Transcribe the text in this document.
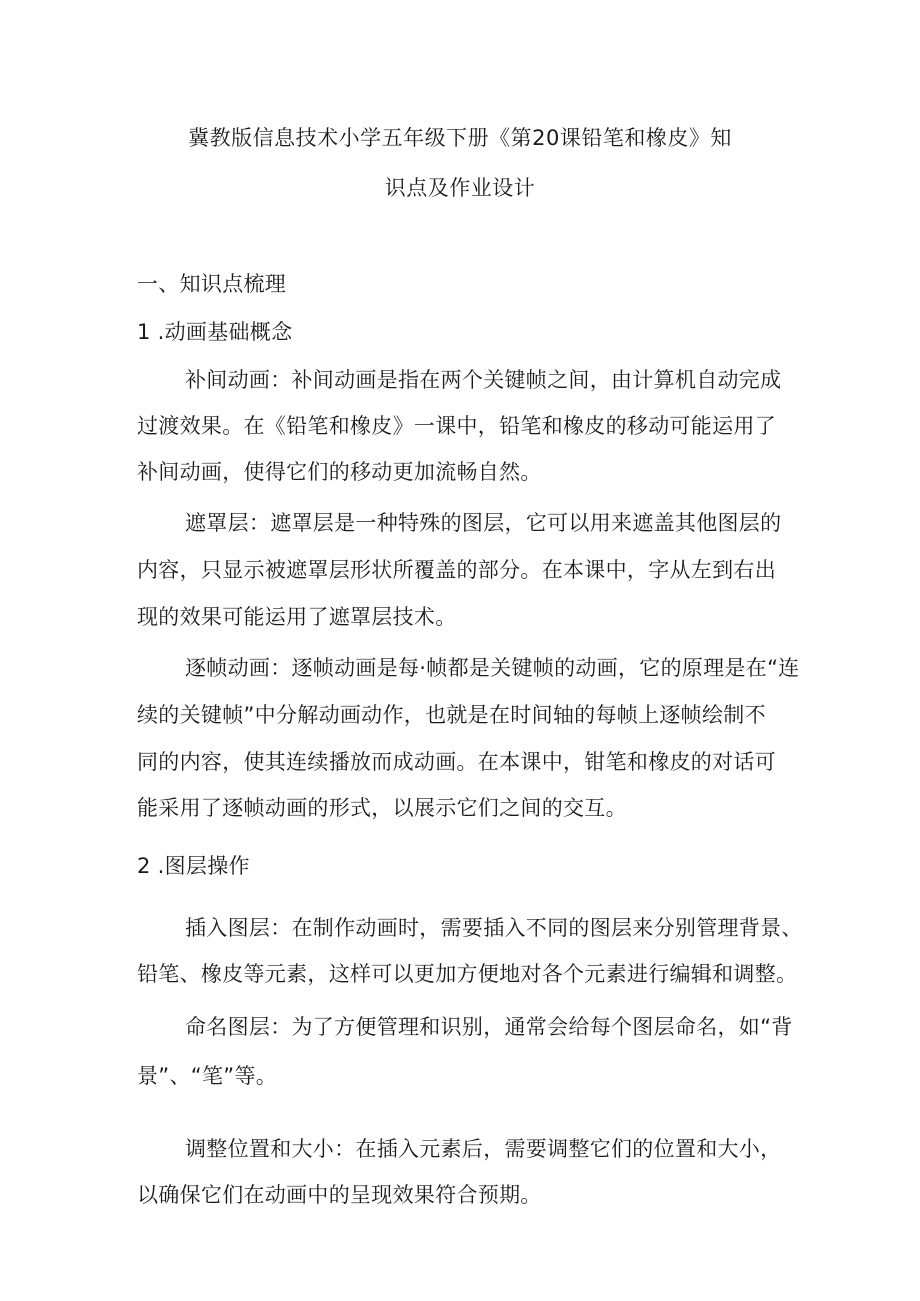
冀教版信息技术小学五年级下册《第20课铅笔和橡皮》知
识点及作业设计
一、知识点梳理
1 .动画基础概念
补间动画：补间动画是指在两个关键帧之间，由计算机自动完成
过渡效果。在《铅笔和橡皮》一课中，铅笔和橡皮的移动可能运用了
补间动画，使得它们的移动更加流畅自然。
遮罩层：遮罩层是一种特殊的图层，它可以用来遮盖其他图层的
内容，只显示被遮罩层形状所覆盖的部分。在本课中，字从左到右出
现的效果可能运用了遮罩层技术。
逐帧动画：逐帧动画是每·帧都是关键帧的动画，它的原理是在“连
续的关键帧”中分解动画动作，也就是在时间轴的每帧上逐帧绘制不
同的内容，使其连续播放而成动画。在本课中，钳笔和橡皮的对话可
能采用了逐帧动画的形式，以展示它们之间的交互。
2 .图层操作
插入图层：在制作动画时，需要插入不同的图层来分别管理背景、
铅笔、橡皮等元素，这样可以更加方便地对各个元素进行编辑和调整。
命名图层：为了方便管理和识别，通常会给每个图层命名，如“背
景”、“笔”等。
调整位置和大小：在插入元素后，需要调整它们的位置和大小，
以确保它们在动画中的呈现效果符合预期。
